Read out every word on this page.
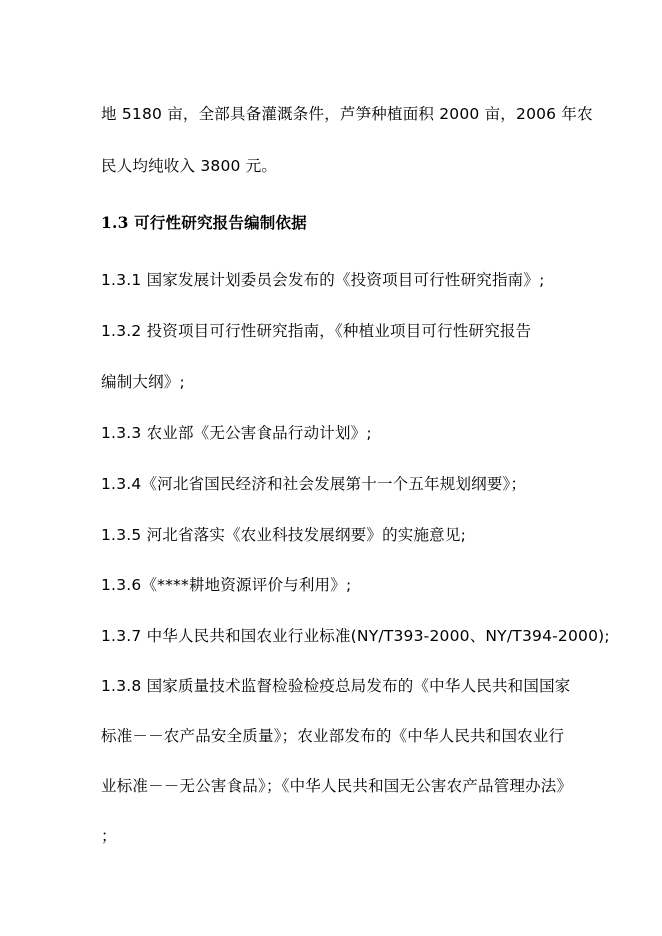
地 5180 亩，全部具备灌溉条件，芦笋种植面积 2000 亩，2006 年农

民人均纯收入 3800 元。

1.3 可行性研究报告编制依据

1.3.1 国家发展计划委员会发布的《投资项目可行性研究指南》;

1.3.2 投资项目可行性研究指南，《种植业项目可行性研究报告

编制大纲》;

1.3.3 农业部《无公害食品行动计划》;

1.3.4《河北省国民经济和社会发展第十一个五年规划纲要》；

1.3.5 河北省落实《农业科技发展纲要》的实施意见;

1.3.6《****耕地资源评价与利用》;

1.3.7 中华人民共和国农业行业标准(NY/T393-2000、NY/T394-2000);

1.3.8 国家质量技术监督检验检疫总局发布的《中华人民共和国国家

标准－－农产品安全质量》；农业部发布的《中华人民共和国农业行

业标准－－无公害食品》；《中华人民共和国无公害农产品管理办法》

；
